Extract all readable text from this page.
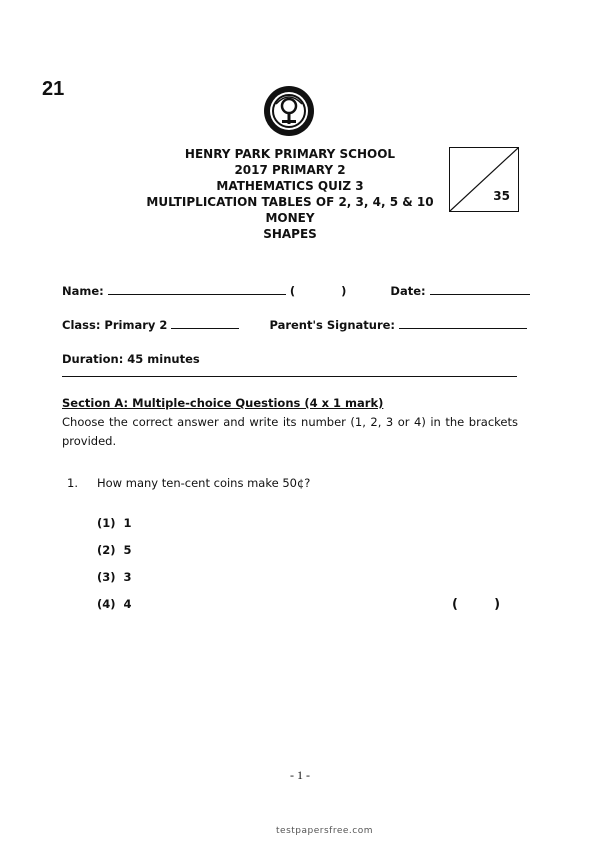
21
HENRY PARK PRIMARY SCHOOL
2017 PRIMARY 2
MATHEMATICS QUIZ 3
MULTIPLICATION TABLES OF 2, 3, 4, 5 & 10
MONEY
SHAPES
35
Name:	(	)	Date:
Class: Primary 2	Parent's Signature:
Duration: 45 minutes
Section A: Multiple-choice Questions (4 x 1 mark)
Choose the correct answer and write its number (1, 2, 3 or 4) in the brackets provided.
1. How many ten-cent coins make 50¢?
(1) 1
(2) 5
(3) 3
(4) 4	(        )
- 1 -
testpapersfree.com
